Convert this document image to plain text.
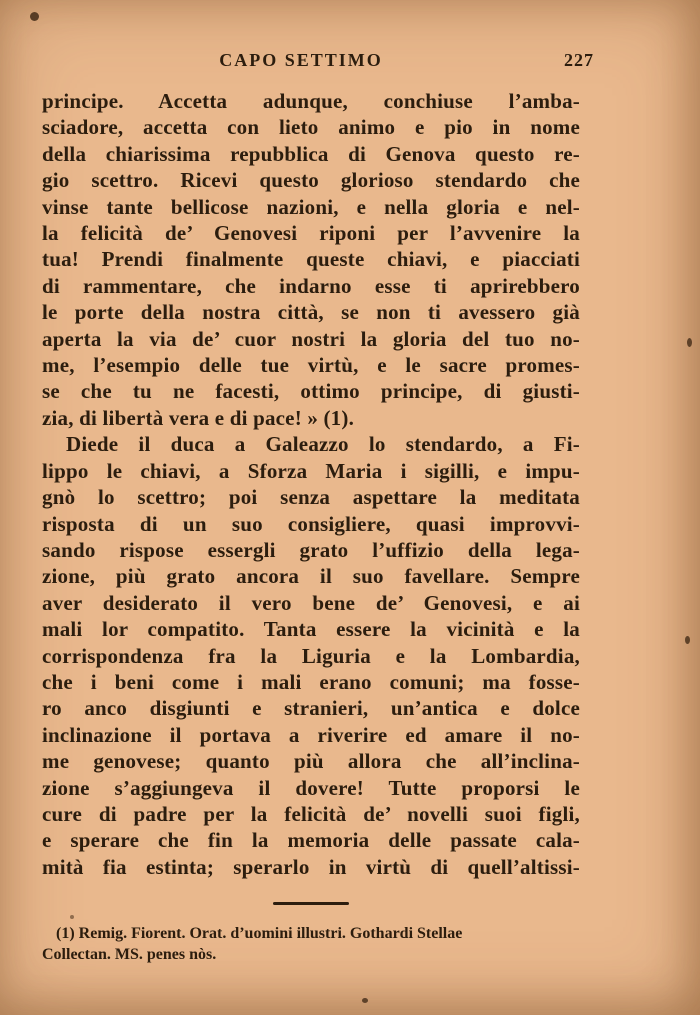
CAPO SETTIMO	227
principe. Accetta adunque, conchiuse l’amba-
sciadore, accetta con lieto animo e pio in nome
della chiarissima repubblica di Genova questo re-
gio scettro. Ricevi questo glorioso stendardo che
vinse tante bellicose nazioni, e nella gloria e nel-
la felicità de’ Genovesi riponi per l’avvenire la
tua! Prendi finalmente queste chiavi, e piacciati
di rammentare, che indarno esse ti aprirebbero
le porte della nostra città, se non ti avessero già
aperta la via de’ cuor nostri la gloria del tuo no-
me, l’esempio delle tue virtù, e le sacre promes-
se che tu ne facesti, ottimo principe, di giusti-
zia, di libertà vera e di pace! » (1).
Diede il duca a Galeazzo lo stendardo, a Fi-
lippo le chiavi, a Sforza Maria i sigilli, e impu-
gnò lo scettro; poi senza aspettare la meditata
risposta di un suo consigliere, quasi improvvi-
sando rispose essergli grato l’uffizio della lega-
zione, più grato ancora il suo favellare. Sempre
aver desiderato il vero bene de’ Genovesi, e ai
mali lor compatito. Tanta essere la vicinità e la
corrispondenza fra la Liguria e la Lombardia,
che i beni come i mali erano comuni; ma fosse-
ro anco disgiunti e stranieri, un’antica e dolce
inclinazione il portava a riverire ed amare il no-
me genovese; quanto più allora che all’inclina-
zione s’aggiungeva il dovere! Tutte proporsi le
cure di padre per la felicità de’ novelli suoi figli,
e sperare che fin la memoria delle passate cala-
mità fia estinta; sperarlo in virtù di quell’altissi-
(1) Remig. Fiorent. Orat. d’uomini illustri. Gothardi Stellae
Collectan. MS. penes nòs.
